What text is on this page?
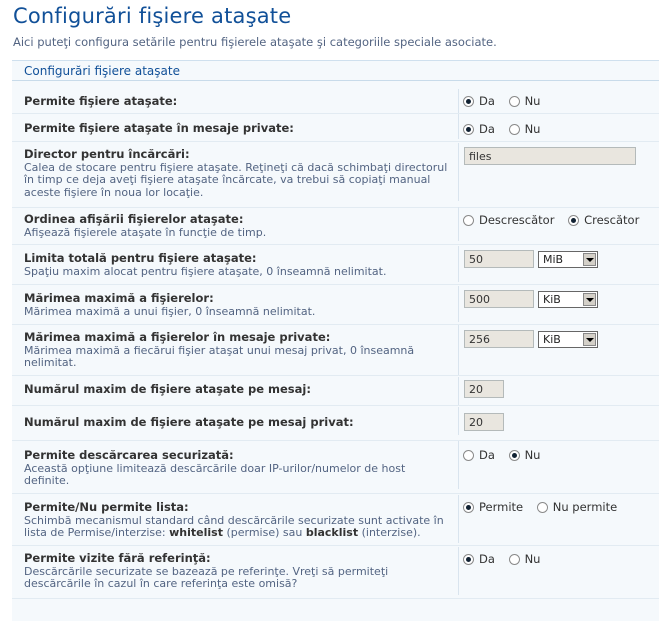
Configurări fişiere ataşate
Aici puteţi configura setările pentru fişierele ataşate şi categoriile speciale asociate.
Configurări fişiere ataşate
Permite fişiere ataşate:	Da	Nu
Permite fişiere ataşate în mesaje private:	Da	Nu
Director pentru încărcări:
Calea de stocare pentru fişiere ataşate. Reţineţi că dacă schimbaţi directorul în timp ce deja aveţi fişiere ataşate încărcate, va trebui să copiaţi manual aceste fişiere în noua lor locaţie.
files
Ordinea afişării fişierelor ataşate:
Afişează fişierele ataşate în funcţie de timp.
Descrescător	Crescător
Limita totală pentru fişiere ataşate:
Spaţiu maxim alocat pentru fişiere ataşate, 0 înseamnă nelimitat.
50	MiB
Mărimea maximă a fişierelor:
Mărimea maximă a unui fişier, 0 înseamnă nelimitat.
500	KiB
Mărimea maximă a fişierelor în mesaje private:
Mărimea maximă a fiecărui fişier ataşat unui mesaj privat, 0 înseamnă nelimitat.
256	KiB
Numărul maxim de fişiere ataşate pe mesaj:	20
Numărul maxim de fişiere ataşate pe mesaj privat:	20
Permite descărcarea securizată:
Această opţiune limitează descărcările doar IP-urilor/numelor de host definite.
Da	Nu
Permite/Nu permite lista:
Schimbă mecanismul standard când descărcările securizate sunt activate în lista de Permise/interzise: whitelist (permise) sau blacklist (interzise).
Permite	Nu permite
Permite vizite fără referinţă:
Descărcările securizate se bazează pe referinţe. Vreţi să permiteţi descărcările în cazul în care referinţa este omisă?
Da	Nu
